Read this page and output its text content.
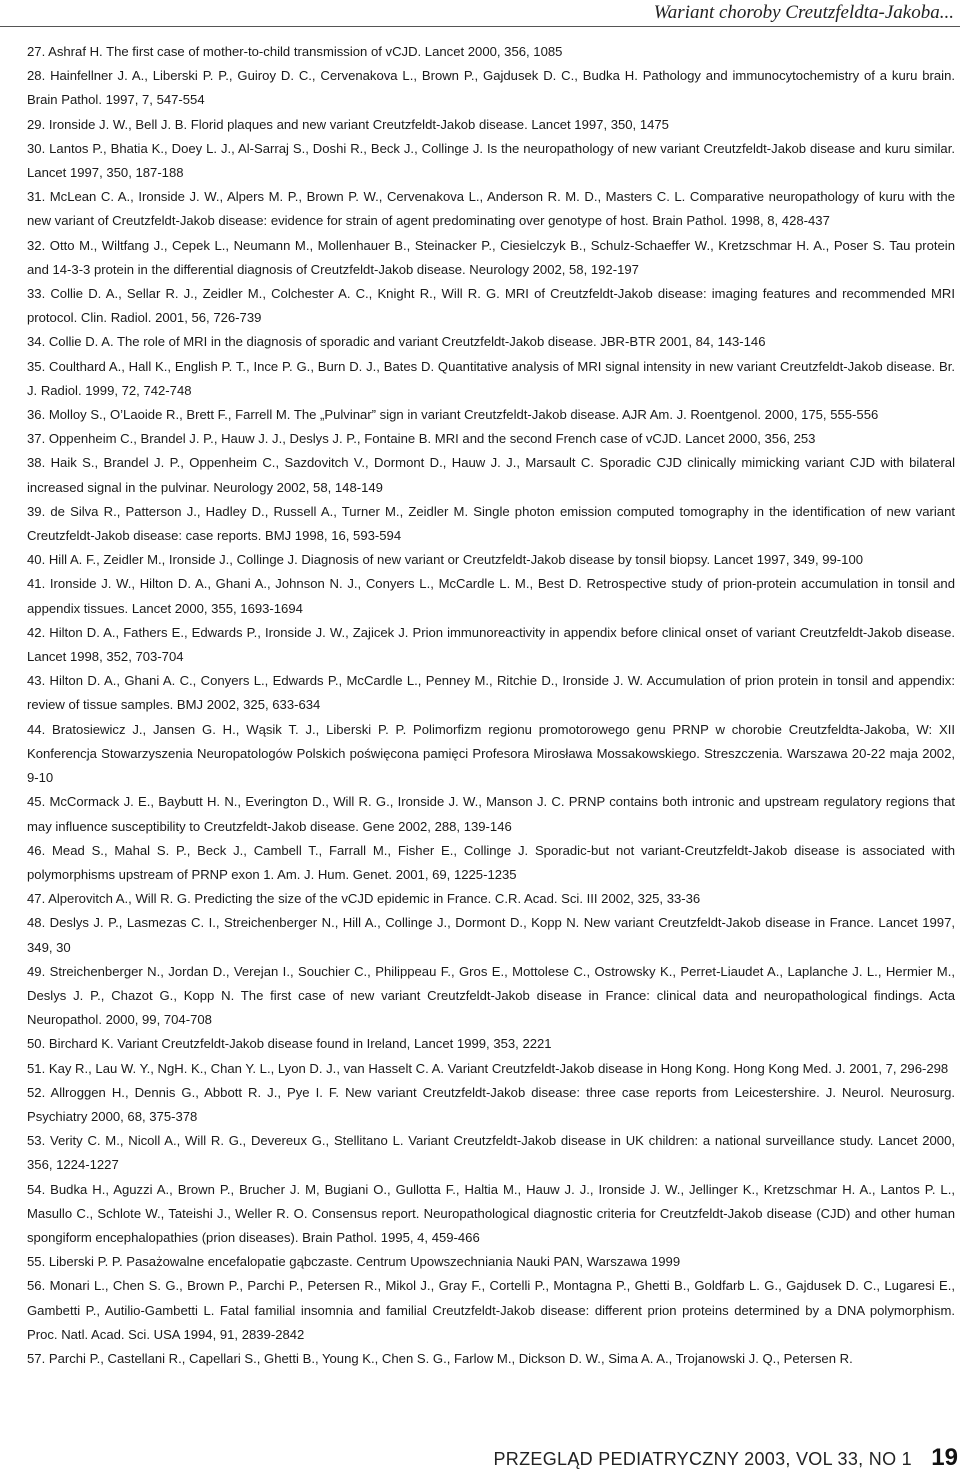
Wariant choroby Creutzfeldta-Jakoba...
27. Ashraf H. The first case of mother-to-child transmission of vCJD. Lancet 2000, 356, 1085
28. Hainfellner J. A., Liberski P. P., Guiroy D. C., Cervenakova L., Brown P., Gajdusek D. C., Budka H. Pathology and immunocytochemistry of a kuru brain. Brain Pathol. 1997, 7, 547-554
29. Ironside J. W., Bell J. B. Florid plaques and new variant Creutzfeldt-Jakob disease. Lancet 1997, 350, 1475
30. Lantos P., Bhatia K., Doey L. J., Al-Sarraj S., Doshi R., Beck J., Collinge J. Is the neuropathology of new variant Creutzfeldt-Jakob disease and kuru similar. Lancet 1997, 350, 187-188
31. McLean C. A., Ironside J. W., Alpers M. P., Brown P. W., Cervenakova L., Anderson R. M. D., Masters C. L. Comparative neuropathology of kuru with the new variant of Creutzfeldt-Jakob disease: evidence for strain of agent predominating over genotype of host. Brain Pathol. 1998, 8, 428-437
32. Otto M., Wiltfang J., Cepek L., Neumann M., Mollenhauer B., Steinacker P., Ciesielczyk B., Schulz-Schaeffer W., Kretzschmar H. A., Poser S. Tau protein and 14-3-3 protein in the differential diagnosis of Creutzfeldt-Jakob disease. Neurology 2002, 58, 192-197
33. Collie D. A., Sellar R. J., Zeidler M., Colchester A. C., Knight R., Will R. G. MRI of Creutzfeldt-Jakob disease: imaging features and recommended MRI protocol. Clin. Radiol. 2001, 56, 726-739
34. Collie D. A. The role of MRI in the diagnosis of sporadic and variant Creutzfeldt-Jakob disease. JBR-BTR 2001, 84, 143-146
35. Coulthard A., Hall K., English P. T., Ince P. G., Burn D. J., Bates D. Quantitative analysis of MRI signal intensity in new variant Creutzfeldt-Jakob disease. Br. J. Radiol. 1999, 72, 742-748
36. Molloy S., O’Laoide R., Brett F., Farrell M. The „Pulvinar” sign in variant Creutzfeldt-Jakob disease. AJR Am. J. Roentgenol. 2000, 175, 555-556
37. Oppenheim C., Brandel J. P., Hauw J. J., Deslys J. P., Fontaine B. MRI and the second French case of vCJD. Lancet 2000, 356, 253
38. Haik S., Brandel J. P., Oppenheim C., Sazdovitch V., Dormont D., Hauw J. J., Marsault C. Sporadic CJD clinically mimicking variant CJD with bilateral increased signal in the pulvinar. Neurology 2002, 58, 148-149
39. de Silva R., Patterson J., Hadley D., Russell A., Turner M., Zeidler M. Single photon emission computed tomography in the identification of new variant Creutzfeldt-Jakob disease: case reports. BMJ 1998, 16, 593-594
40. Hill A. F., Zeidler M., Ironside J., Collinge J. Diagnosis of new variant or Creutzfeldt-Jakob disease by tonsil biopsy. Lancet 1997, 349, 99-100
41. Ironside J. W., Hilton D. A., Ghani A., Johnson N. J., Conyers L., McCardle L. M., Best D. Retrospective study of prion-protein accumulation in tonsil and appendix tissues. Lancet 2000, 355, 1693-1694
42. Hilton D. A., Fathers E., Edwards P., Ironside J. W., Zajicek J. Prion immunoreactivity in appendix before clinical onset of variant Creutzfeldt-Jakob disease. Lancet 1998, 352, 703-704
43. Hilton D. A., Ghani A. C., Conyers L., Edwards P., McCardle L., Penney M., Ritchie D., Ironside J. W. Accumulation of prion protein in tonsil and appendix: review of tissue samples. BMJ 2002, 325, 633-634
44. Bratosiewicz J., Jansen G. H., Wąsik T. J., Liberski P. P. Polimorfizm regionu promotorowego genu PRNP w chorobie Creutzfeldta-Jakoba, W: XII Konferencja Stowarzyszenia Neuropatologów Polskich poświęcona pamięci Profesora Mirosława Mossakowskiego. Streszczenia. Warszawa 20-22 maja 2002, 9-10
45. McCormack J. E., Baybutt H. N., Everington D., Will R. G., Ironside J. W., Manson J. C. PRNP contains both intronic and upstream regulatory regions that may influence susceptibility to Creutzfeldt-Jakob disease. Gene 2002, 288, 139-146
46. Mead S., Mahal S. P., Beck J., Cambell T., Farrall M., Fisher E., Collinge J. Sporadic-but not variant-Creutzfeldt-Jakob disease is associated with polymorphisms upstream of PRNP exon 1. Am. J. Hum. Genet. 2001, 69, 1225-1235
47. Alperovitch A., Will R. G. Predicting the size of the vCJD epidemic in France. C.R. Acad. Sci. III 2002, 325, 33-36
48. Deslys J. P., Lasmezas C. I., Streichenberger N., Hill A., Collinge J., Dormont D., Kopp N. New variant Creutzfeldt-Jakob disease in France. Lancet 1997, 349, 30
49. Streichenberger N., Jordan D., Verejan I., Souchier C., Philippeau F., Gros E., Mottolese C., Ostrowsky K., Perret-Liaudet A., Laplanche J. L., Hermier M., Deslys J. P., Chazot G., Kopp N. The first case of new variant Creutzfeldt-Jakob disease in France: clinical data and neuropathological findings. Acta Neuropathol. 2000, 99, 704-708
50. Birchard K. Variant Creutzfeldt-Jakob disease found in Ireland, Lancet 1999, 353, 2221
51. Kay R., Lau W. Y., NgH. K., Chan Y. L., Lyon D. J., van Hasselt C. A. Variant Creutzfeldt-Jakob disease in Hong Kong. Hong Kong Med. J. 2001, 7, 296-298
52. Allroggen H., Dennis G., Abbott R. J., Pye I. F. New variant Creutzfeldt-Jakob disease: three case reports from Leicestershire. J. Neurol. Neurosurg. Psychiatry 2000, 68, 375-378
53. Verity C. M., Nicoll A., Will R. G., Devereux G., Stellitano L. Variant Creutzfeldt-Jakob disease in UK children: a national surveillance study. Lancet 2000, 356, 1224-1227
54. Budka H., Aguzzi A., Brown P., Brucher J. M, Bugiani O., Gullotta F., Haltia M., Hauw J. J., Ironside J. W., Jellinger K., Kretzschmar H. A., Lantos P. L., Masullo C., Schlote W., Tateishi J., Weller R. O. Consensus report. Neuropathological diagnostic criteria for Creutzfeldt-Jakob disease (CJD) and other human spongiform encephalopathies (prion diseases). Brain Pathol. 1995, 4, 459-466
55. Liberski P. P. Pasażowalne encefalopatie gąbczaste. Centrum Upowszechniania Nauki PAN, Warszawa 1999
56. Monari L., Chen S. G., Brown P., Parchi P., Petersen R., Mikol J., Gray F., Cortelli P., Montagna P., Ghetti B., Goldfarb L. G., Gajdusek D. C., Lugaresi E., Gambetti P., Autilio-Gambetti L. Fatal familial insomnia and familial Creutzfeldt-Jakob disease: different prion proteins determined by a DNA polymorphism. Proc. Natl. Acad. Sci. USA 1994, 91, 2839-2842
57. Parchi P., Castellani R., Capellari S., Ghetti B., Young K., Chen S. G., Farlow M., Dickson D. W., Sima A. A., Trojanowski J. Q., Petersen R.
PRZEGLĄD PEDIATRYCZNY 2003, VOL 33, NO 1 19
